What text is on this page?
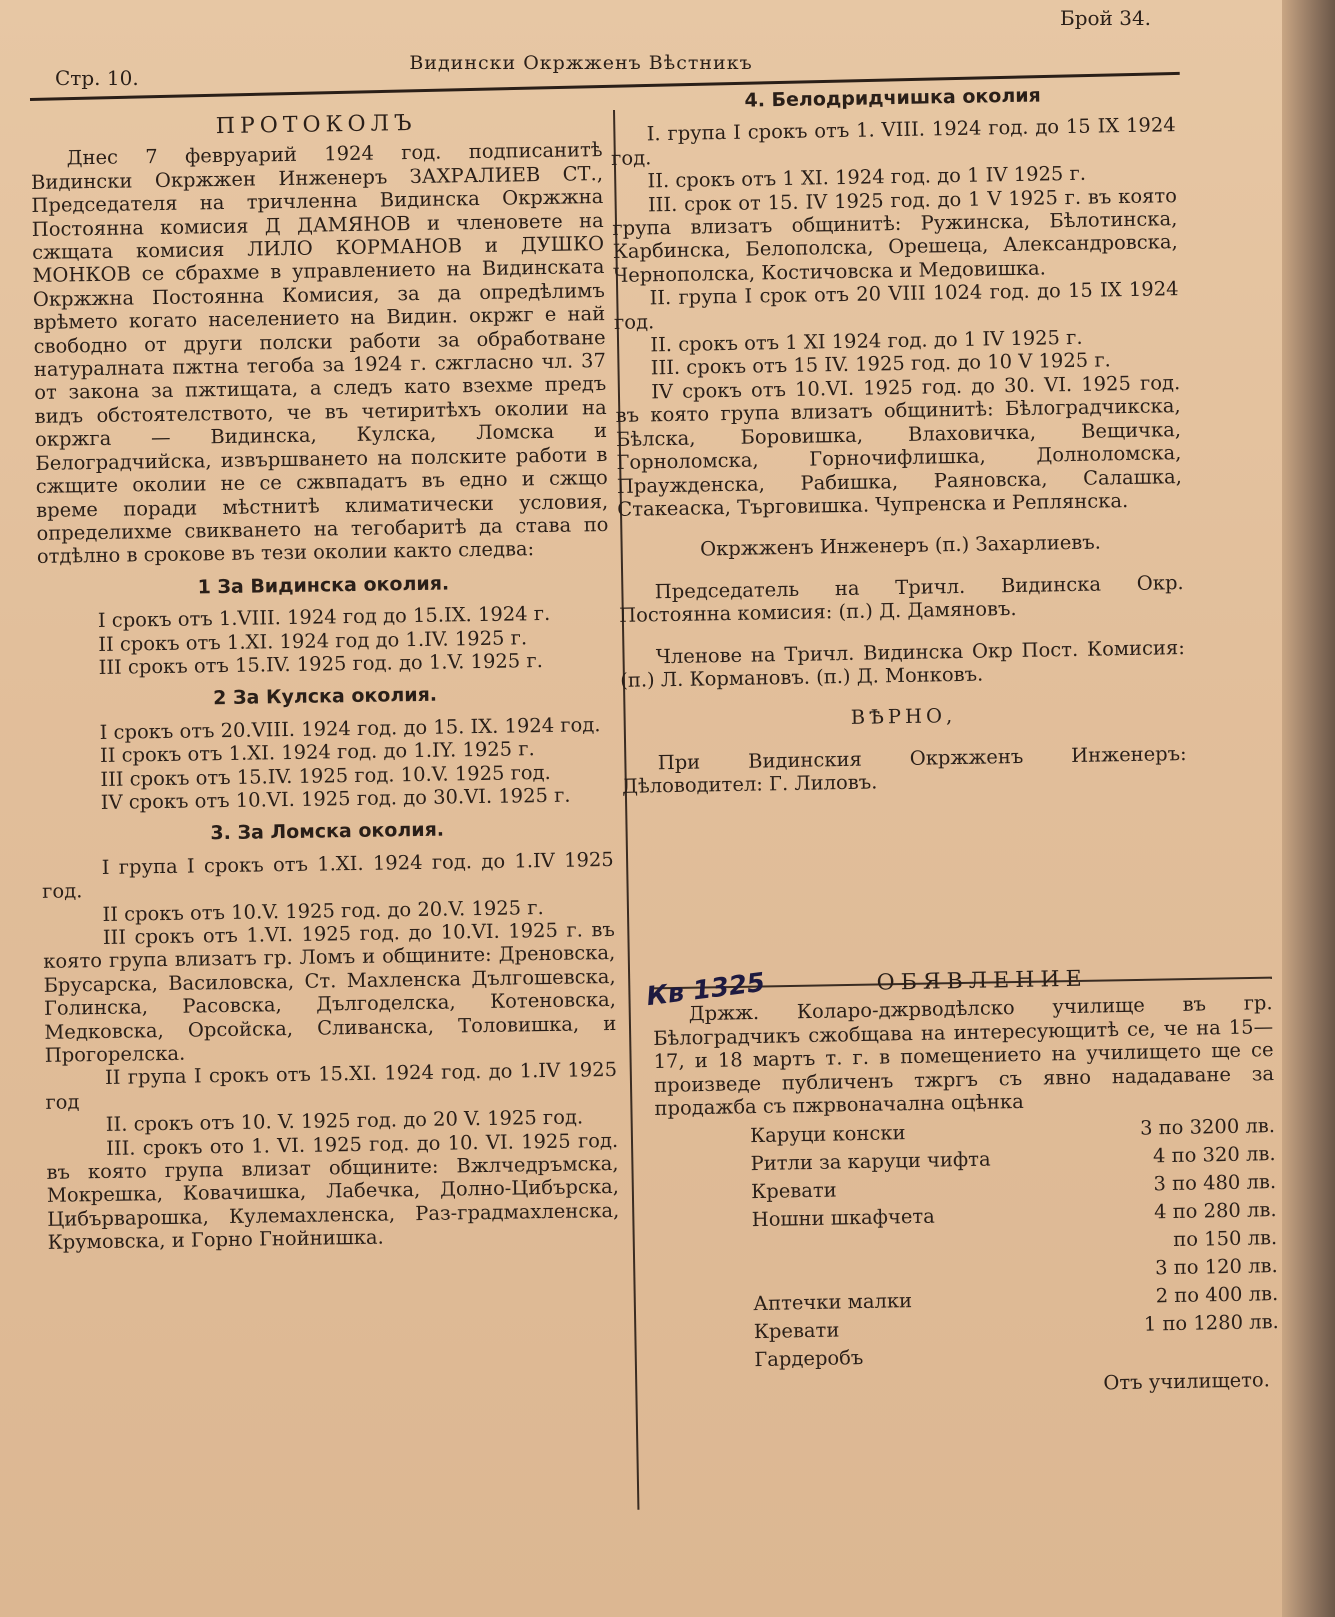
Брой 34.
Видински Окржженъ Вѣстникъ
Стр. 10.

ПРОТОКОЛЪ

Днес 7 февруарий 1924 год. подписанитѣ Видински Окржжен Инженеръ ЗАХРАЛИЕВ СТ., Председателя на тричленна Видинска Окржжна Постоянна комисия Д ДАМЯНОВ и членовете на сжщата комисия ЛИЛО КОРМАНОВ и ДУШКО МОНКОВ се сбрахме в управлението на Видинската Окржжна Постоянна Комисия, за да опредѣлимъ врѣмето когато населението на Видин. окржг е най свободно от други полски работи за обработване натуралната пжтна тегоба за 1924 г. сжгласно чл. 37 от закона за пжтищата, а следъ като взехме предъ видъ обстоятелството, че въ четиритѣхъ околии на окржга — Видинска, Кулска, Ломска и Белоградчийска, извършването на полските работи в сжщите околии не се сжвпадатъ въ едно и сжщо време поради мѣстнитѣ климатически условия, определихме свикването на тегобаритѣ да става по отдѣлно в срокове въ тези околии както следва:

1 За Видинска околия.

I срокъ отъ 1.VIII. 1924 год до 15.IX. 1924 г.

II срокъ отъ 1.XI. 1924 год до 1.IV. 1925 г.

III срокъ отъ 15.IV. 1925 год. до 1.V. 1925 г.

2 За Кулска околия.

I срокъ отъ 20.VIII. 1924 год. до 15. IX. 1924 год.

II срокъ отъ 1.XI. 1924 год. до 1.IY. 1925 г.

III срокъ отъ 15.IV. 1925 год. 10.V. 1925 год.

IV срокъ отъ 10.VI. 1925 год. до 30.VI. 1925 г.

3. За Ломска околия.

I група I срокъ отъ 1.XI. 1924 год. до 1.IV 1925 год.

II срокъ отъ 10.V. 1925 год. до 20.V. 1925 г.

III срокъ отъ 1.VI. 1925 год. до 10.VI. 1925 г. въ която група влизатъ гр. Ломъ и общините: Дреновска, Брусарска, Василовска, Ст. Махленска Дългошевска, Голинска, Расовска, Дългоделска, Котеновска, Медковска, Орсойска, Сливанска, Толовишка, и Прогорелска.

II група I срокъ отъ 15.XI. 1924 год. до 1.IV 1925 год

II. срокъ отъ 10. V. 1925 год. до 20 V. 1925 год.

III. срокъ ото 1. VI. 1925 год. до 10. VI. 1925 год. въ която група влизат общините: Вжлчедръмска, Мокрешка, Ковачишка, Лабечка, Долно-Цибърска, Цибърварошка, Кулемахленска, Раз-градмахленска, Крумовска, и Горно Гнойнишка.

4. Белодридчишка околия

I. група I срокъ отъ 1. VIII. 1924 год. до 15 IX 1924 год.

II. срокъ отъ 1 XI. 1924 год. до 1 IV 1925 г.

III. срок от 15. IV 1925 год. до 1 V 1925 г. въ която група влизатъ общинитѣ: Ружинска, Бѣлотинска, Карбинска, Белополска, Орешеца, Александровска, Чернополска, Костичовска и Медовишка.

II. група I срок отъ 20 VIII 1024 год. до 15 IX 1924 год.

II. срокъ отъ 1 XI 1924 год. до 1 IV 1925 г.

III. срокъ отъ 15 IV. 1925 год. до 10 V 1925 г.

IV срокъ отъ 10.VI. 1925 год. до 30. VI. 1925 год. въ която група влизатъ общинитѣ: Бѣлоградчикска, Бѣлска, Боровишка, Влаховичка, Вещичка, Горноломска, Горночифлишка, Долноломска, Праужденска, Рабишка, Раяновска, Салашка, Стакеаска, Търговишка. Чупренска и Реплянска.

Окржженъ Инженеръ (п.) Захарлиевъ.

Председатель на Тричл. Видинска Окр. Постоянна комисия: (п.) Д. Дамяновъ.

Членове на Тричл. Видинска Окр Пост. Комисия: (п.) Л. Кормановъ. (п.) Д. Монковъ.

ВѢРНО,

При Видинския Окржженъ Инженеръ: Дѣловодител: Г. Лиловъ.

Кв 1325	ОБЯВЛЕНИЕ

Држж. Коларо-джрводѣлско училище въ гр. Бѣлоградчикъ сжобщава на интересующитѣ се, че на 15—17, и 18 мартъ т. г. в помещението на училището ще се произведе публиченъ тжргъ съ явно нададаване за продажба съ пжрвоначална оцѣнка

Каруци конски	3 по 3200 лв.
Ритли за каруци чифта	4 по 320 лв.
Кревати	3 по 480 лв.
Ношни шкафчета	4 по 280 лв.
	по 150 лв.
	3 по 120 лв.
Аптечки малки	2 по 400 лв.
Кревати	1 по 1280 лв.
Гардеробъ	

Отъ училището.
